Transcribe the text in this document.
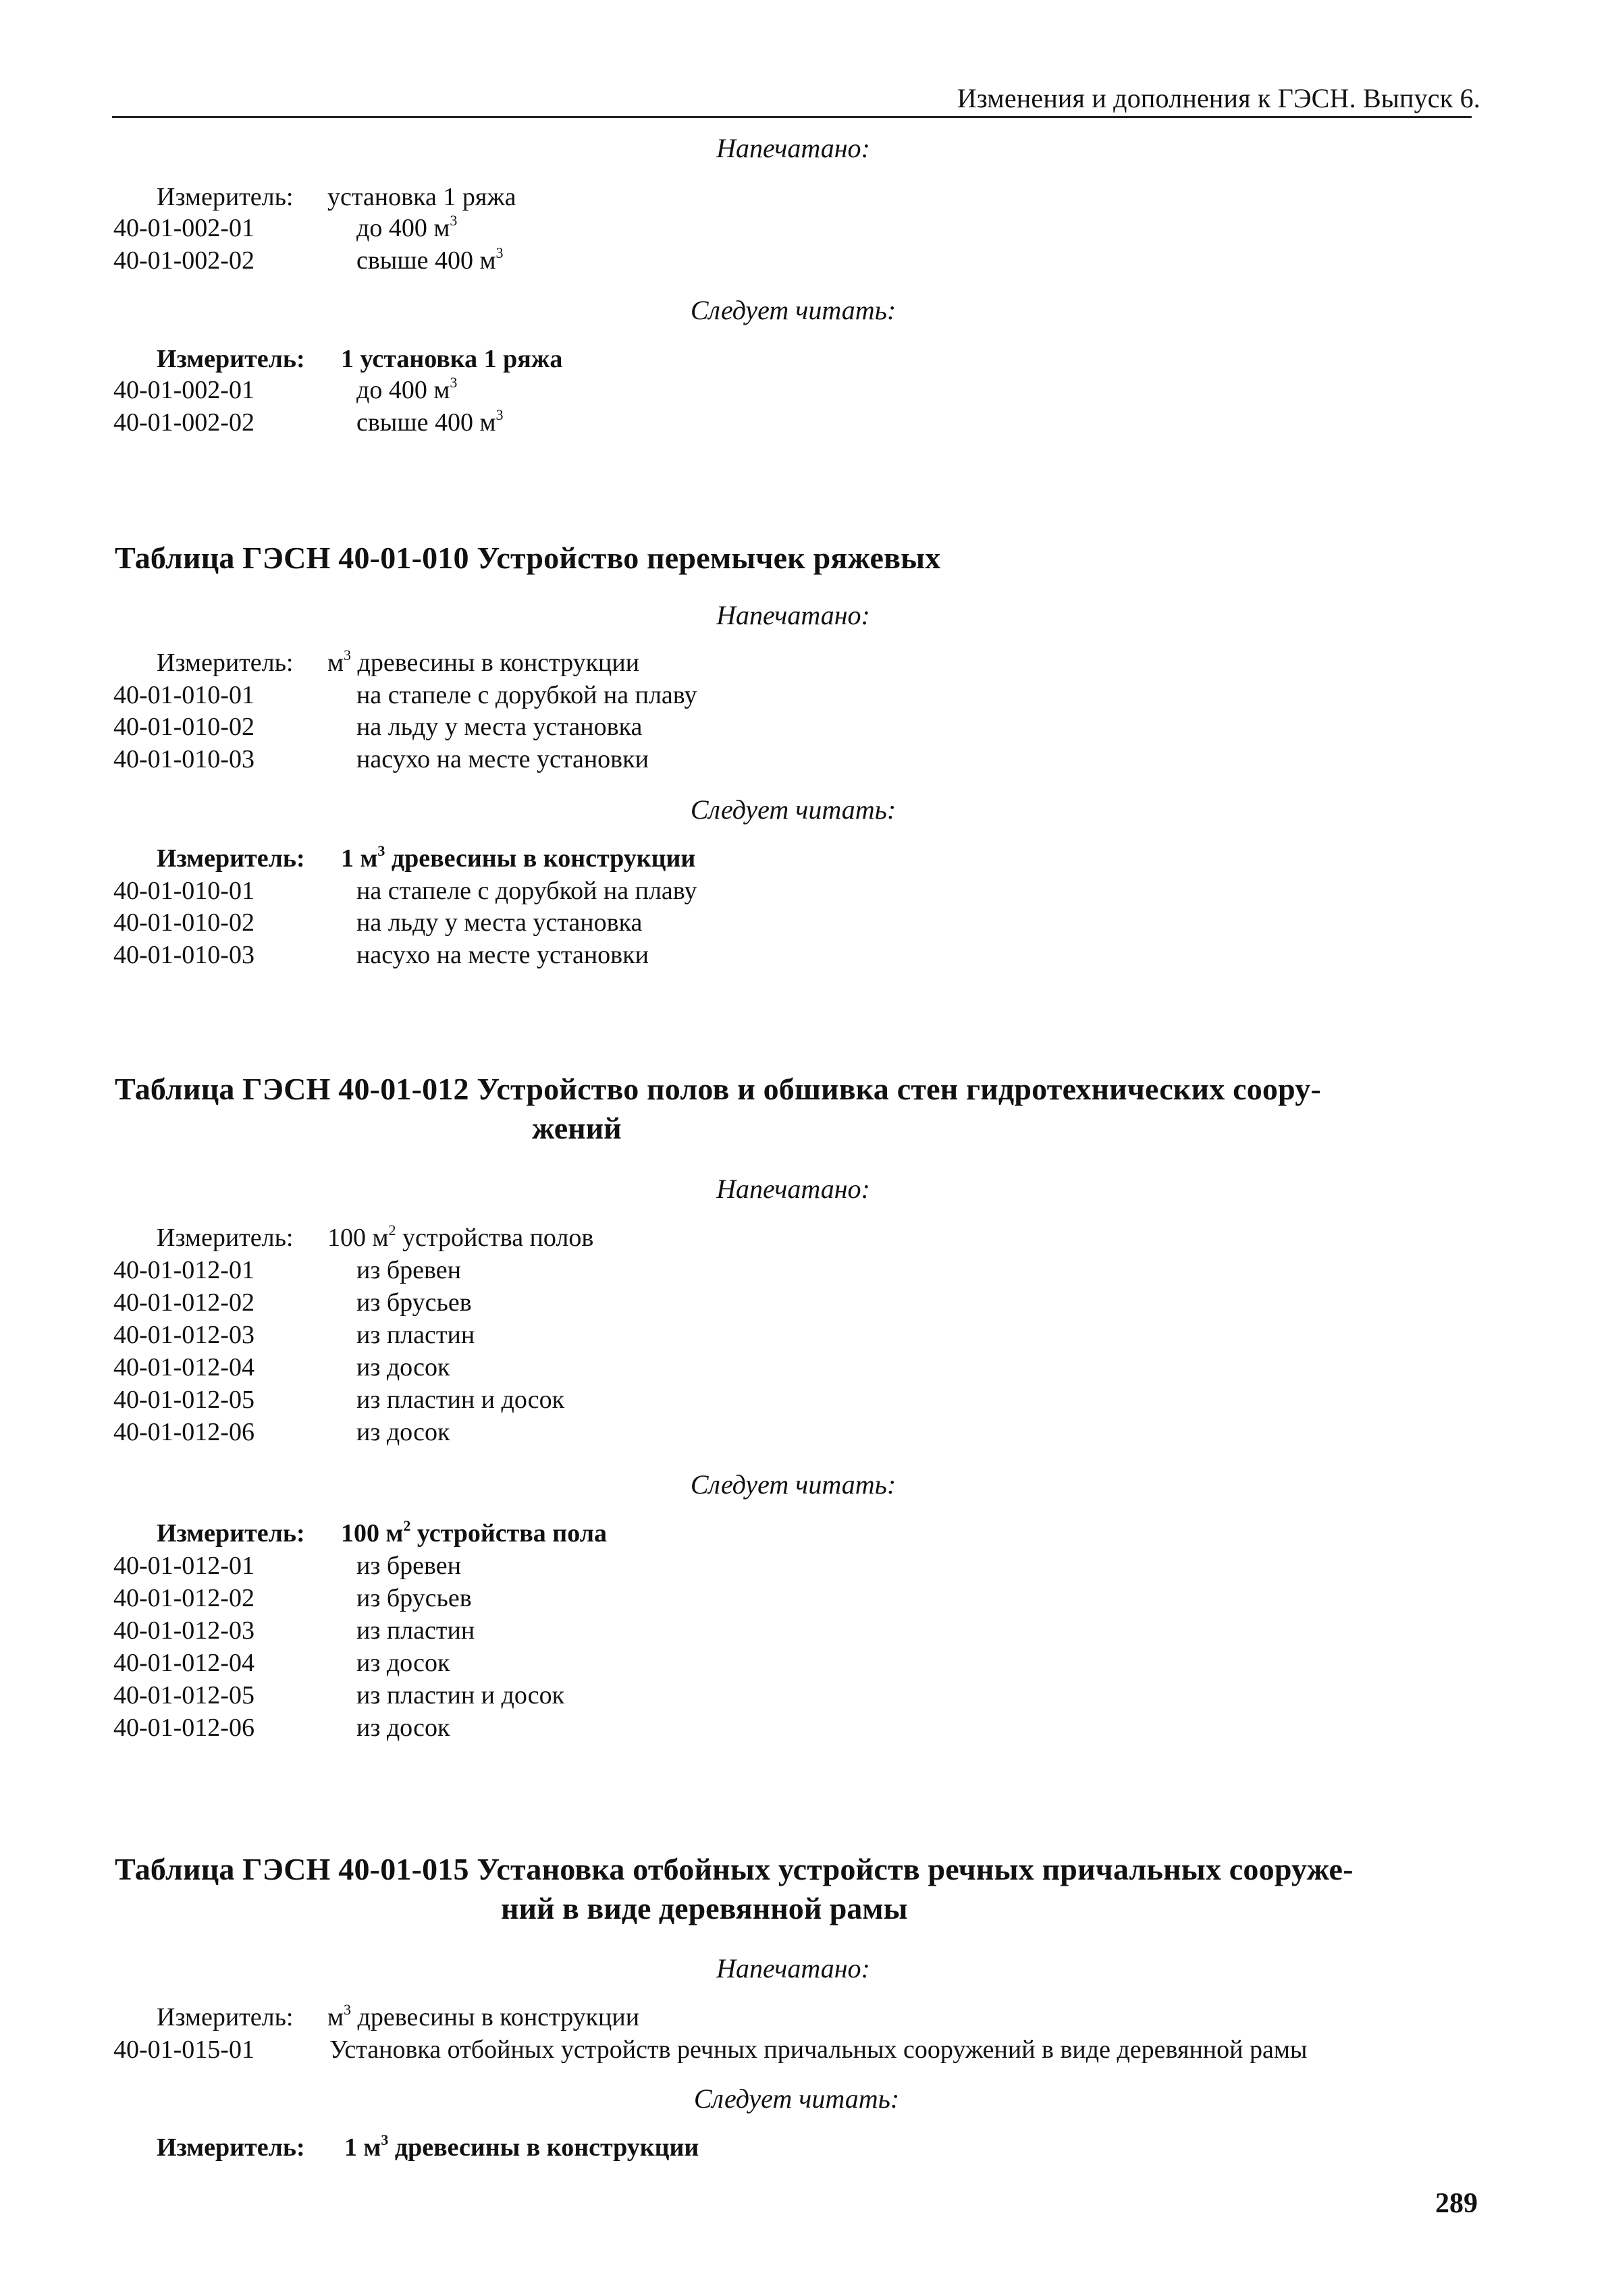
Изменения и дополнения к ГЭСН. Выпуск 6.
Напечатано:
Измеритель: установка 1 ряжа
40-01-002-01	до 400 $м^3$
40-01-002-02	свыше 400 $м^3$
Следует читать:
Измеритель: 1 установка 1 ряжа
40-01-002-01	до 400 $м^3$
40-01-002-02	свыше 400 $м^3$
Таблица ГЭСН 40-01-010 Устройство перемычек ряжевых
Напечатано:
Измеритель: $м^3$ древесины в конструкции
40-01-010-01	на стапеле с дорубкой на плаву
40-01-010-02	на льду у места установка
40-01-010-03	насухо на месте установки
Следует читать:
Измеритель: 1 $м^3$ древесины в конструкции
40-01-010-01	на стапеле с дорубкой на плаву
40-01-010-02	на льду у места установка
40-01-010-03	насухо на месте установки
Таблица ГЭСН 40-01-012 Устройство полов и обшивка стен гидротехнических соору-
жений
Напечатано:
Измеритель: 100 $м^2$ устройства полов
40-01-012-01	из бревен
40-01-012-02	из брусьев
40-01-012-03	из пластин
40-01-012-04	из досок
40-01-012-05	из пластин и досок
40-01-012-06	из досок
Следует читать:
Измеритель: 100 $м^2$ устройства пола
40-01-012-01	из бревен
40-01-012-02	из брусьев
40-01-012-03	из пластин
40-01-012-04	из досок
40-01-012-05	из пластин и досок
40-01-012-06	из досок
Таблица ГЭСН 40-01-015 Установка отбойных устройств речных причальных сооруже-
ний в виде деревянной рамы
Напечатано:
Измеритель: $м^3$ древесины в конструкции
40-01-015-01	Установка отбойных устройств речных причальных сооружений в виде деревянной рамы
Следует читать:
Измеритель: 1 $м^3$ древесины в конструкции
289
